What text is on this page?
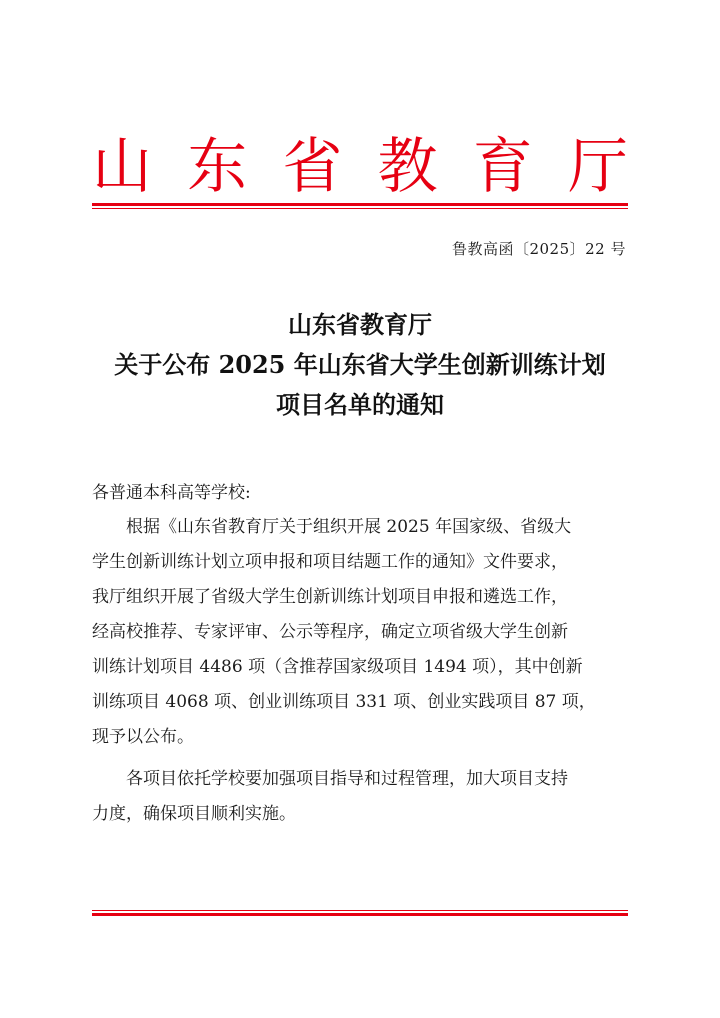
山 东 省 教 育 厅
鲁教高函〔2025〕22 号
山东省教育厅
关于公布 2025 年山东省大学生创新训练计划
项目名单的通知
各普通本科高等学校:
　　根据《山东省教育厅关于组织开展 2025 年国家级、省级大
学生创新训练计划立项申报和项目结题工作的通知》文件要求，
我厅组织开展了省级大学生创新训练计划项目申报和遴选工作，
经高校推荐、专家评审、公示等程序，确定立项省级大学生创新
训练计划项目 4486 项（含推荐国家级项目 1494 项），其中创新
训练项目 4068 项、创业训练项目 331 项、创业实践项目 87 项，
现予以公布。
　　各项目依托学校要加强项目指导和过程管理，加大项目支持
力度，确保项目顺利实施。
